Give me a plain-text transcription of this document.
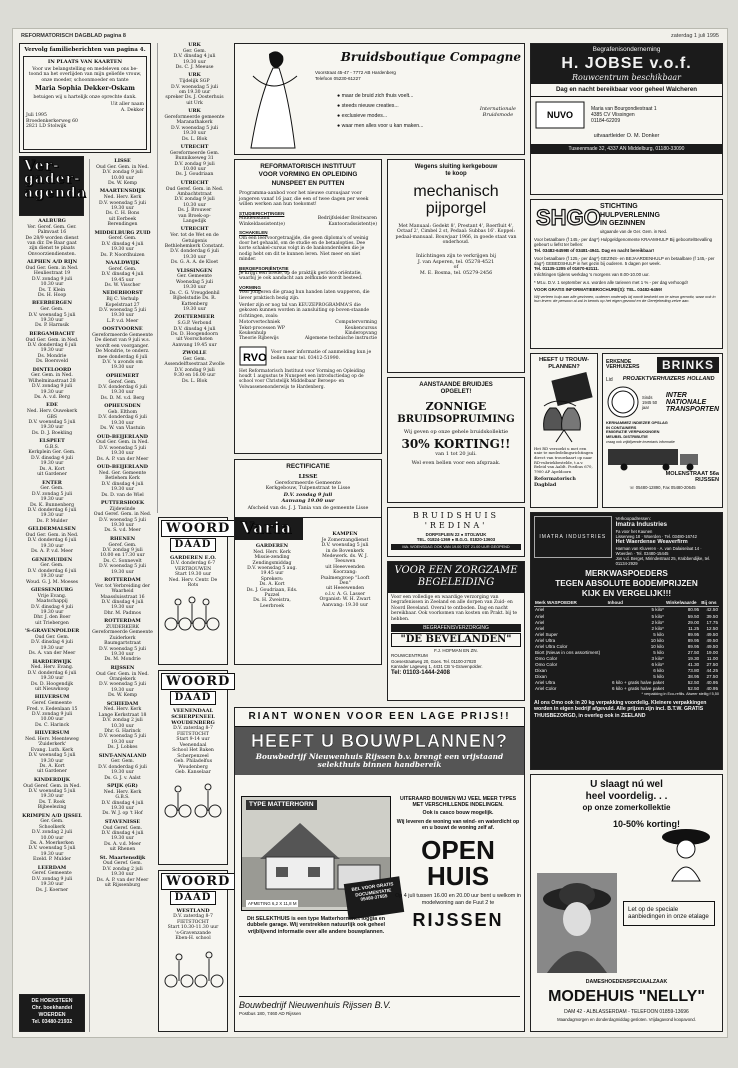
REFORMATORISCH DAGBLAD pagina 8	zaterdag 1 juli 1995
Vervolg familieberichten van pagina 4.
IN PLAATS VAN KAARTEN
Voor uw belangstelling en medeleven ons be-toond na het overlijden van mijn geliefde vrouw, onze moeder, schoonmoeder en tante
Maria Sophia Dekker-Oskam
betuigen wij u hartelijk onze oprechte dank.
Uit aller naam
A. Dekker
Juli 1995
Broedenkerkerweg 60
2821 LD Stolwijk
Ver-
gader-
agenda
AALBURG
Ver. Geref. Gem. Ger.
Palmvast 16
De 28/9 worden dienst
van dir. De Baar gaat
zijn dienst te plaats
Onvoorziendiensten.
ALPHEN A/D RIJN
Oud Ger. Gem. in Ned.
Heuliestraat 19
D.V. zondag 9 juli
10.30 uur
Ds. T. Klein
Ds. H. Hoop
BEERBERGEN
Ger. Gem.
D.V. woensdag 5 juli
19.30 uur
Ds. P. Harmsik
BERGAMBACHT
Oud Ger. Gem. in Ned.
D.V. donderdag 6 juli
19.30 uur
Ds. Mondrie
Ds. Boersveld
DINTELOORD
Ger. Gem. in Ned.
Wilhelminastraat 28
D.V. zondag 9 juli
19.30 uur
Ds. A. v.d. Berg
EDE
Ned. Herv. Ouwekerk
GBS
D.V. woensdag 5 juli
19.30 uur
Ds. D. J. Boekling
ELSPEET
G.B.S.
Kerkplein Ger. Gem.
D.V. dinsdag 4 juli
19.30 uur
Ds. A. Kort
uit Gardener
ENTER
Ger. Gem.
D.V. zondag 5 juli
19.30 uur
Ds. K. Bunnenberg
D.V. donderdag 6 juli
19.30 uur
Ds. P. Mulder
GELDERMALSEN
Oud Ger. Gem. in Ned.
D.V. donderdag 6 juli
19.30 uur
Ds. A. P. v.d. Meer
GENEMUIDEN
Ger. Gem.
D.V. donderdag 6 juli
19.30 uur
Woud. G. J. M. Moeses
GIESSENBURG
Vrije Evang.
Maatschappij
D.V. dinsdag 4 juli
19.30 uur
Dhr. J. den Boer
uit Triebergen
'S-GRAVENPOLDER
Oud Ger. Gem.
D.V. dinsdag 4 juli
19.30 uur
Ds. A. van der Meer
HARDERWIJK
Ned. Herv. Evang.
D.V. donderdag 6 juli
19.30 uur
Ds. D. Hoogendijk
uit Nieuwkoop
HILVERSUM
Geref. Gemeente
Fred. v. Eedenlaan 15
D.V. zondag 9 juli
10.00 uur
Ds. C. Harinck
HILVERSUM
Ned. Herv. Meenteweg
'Zuiderkerk'
Evang. Luth. Kerk
D.V. woensdag 5 juli
19.30 uur
Ds. A. Kort
uit Gardener
KINDERDIJK
Oud Geref. Gem. in Ned.
D.V. woensdag 5 juli
19.30 uur
Ds. T. Rook
Bijbeelezing
KRIMPEN A/D IJSSEL
Ger. Gem.
Schoolkerk
D.V. zondag 2 juli
10.00 uur
Ds. A. Moerkerken
D.V. woensdag 5 juli
19.30 uur
Ezeld. P. Mulder
LEERDAM
Geref. Gemeente
D.V. zondag 9 juli
19.30 uur
Ds. J. Koerner
DE HOEKSTEEN
Chr. boekhandel
WOERDEN
Tel. 03480-21932
LISSE
Oud Ger. Gem. in Ned.
D.V. zondag 9 juli
10.00 uur
Ds. W. Kemp
MAARTENSDIJK
Ned. Herv. Kerk
D.V. woensdag 5 juli
19.30 uur
Ds. C. H. Bons
uit Eerbeek
Berendingen
MIDDELBURG ZUID
Geref. Gem.
D.V. dinsdag 4 juli
19.30 uur
Ds. P. Noordhuizen
NAALDWIJK
Geref. Gem.
D.V. dinsdag 4 juli
19.45 uur
Ds. W. Visscher
NEDERHORST
Bij C. Verhulp
Kopelstraat 27
D.V. woensdag 5 juli
19.30 uur
L.P. v.d. Meer
OOSTVOORNE
Gereformeerde Gemeente
De dienst van 9 juli w.s.
wordt een voorganger.
De Mondrie, te onderz.
mee donderdag 6 juli
D.V. 's avonds om
19.30 uur
OPHEMERT
Geref. Gem.
D.V. donderdag 6 juli
19.30 uur
Ds. D. M. v.d. Berg
OPHEUSDEN
Geb. Elthom
D.V. donderdag 6 juli
19.30 uur
Ds. W. van Vlastuin
OUD-BEIJERLAND
Oud Ger. Gem. in Ned.
D.V. woensdag 5 juli
19.30 uur
Ds. A. P. van der Meer
OUD-BEIJERLAND
Ned. Ger. Gemeente
Betlehem Kerk
D.V. dinsdag 4 juli
19.30 uur
Ds. D. van de Wiel
PUTTERSHOEK
Zijdewinde
Oud Geref. Gem. in Ned.
D.V. woensdag 5 juli
19.30 uur
Ds. S. v.d. Meer
RHENEN
Geref. Gem.
D.V. zondag 9 juli
10.00 en 17.30 uur
Ds. C. Sonnevelt
D.V. woensdag 5 juli
19.30 uur
ROTTERDAM
Ver. tot Verbreiding der
Waarheid
Maassluisstraat 16
D.V. dinsdag 4 juli
19.30 uur
Dhr. M. Padmos
ROTTERDAM
ZUIDERKERK
Gereformeerde Gemeente
Zuiderkerk
Baumgartstraat
D.V. woensdag 5 juli
19.30 uur
Ds. M. Mondrie
RIJSSEN
Oud Ger. Gem. in Ned.
Oranjekerk
D.V. woensdag 5 juli
19.30 uur
Ds. W. Kemp
SCHIEDAM
Ned. Herv. Kerk
Lange Kerkstraat 18
D.V. zondag 2 juli
10.30 uur
Dhr. G. Harinck
D.V. woensdag 5 juli
19.30 uur
Ds. J. Lobkes
SINT-ANNALAND
Ger. Gem.
D.V. donderdag 6 juli
19.30 uur
Ds. G. J. v. Aalst
SPIJK (GR)
Ned. Herv. Kerk
G.B.S.
D.V. dinsdag 4 juli
19.30 uur
Ds. W. J. op 't Hof
STAVENISSE
Oud Geref. Gem.
D.V. dinsdag 4 juli
19.30 uur
Ds. A. v.d. Meer
uit Rhenen
St. Maartensdijk
Oud Geref. Gem.
D.V. zondag 2 juli
19.30 uur
Ds. A. P. van der Meer
uit Rijssenburg
URK
Ger. Gem.
D.V. dinsdag 4 juli
19.30 uur
Ds. C. J. Meeuse
URK
Tijdelijk SGP
D.V. woensdag 5 juli
om 19.30 uur
spreker Ds. J. Oosterhuis
uit Urk
URK
Gereformeerde gemeente
Maranathakerk
D.V. woensdag 5 juli
19.30 uur
Ds. L. Blok
UTRECHT
Gereformeerde Gem.
Bunnikseweg 31
D.V. zondag 9 juli
10.00 uur
Ds. J. Goudriaan
UTRECHT
Oud Geref. Gem. in Ned.
Ambachtstraat
D.V. zondag 9 juli
10.30 uur
Ds. J. Brouwer
van Broek-op-
Langedijk
UTRECHT
Ver. tot de Wet en de
Getuigenis
Bethlehemkerk Constant.
D.V. donderdag 6 juli
19.30 uur
Ds. G. A. A. de Kloet
VLISSINGEN
Ger. Gemeente
Woensdag 5 juli
19.30 uur
Ds. C. G. Vreugdenhil
Bijbelstudie Ds. R.
Kattenberg
19.30 uur
ZOETERMEER
S.G.P. Verbond
D.V. dinsdag 4 juli
Ds. D. Hoogendoorn
uit Voorschoten
Aanvang 19.45 uur
ZWOLLE
Ger. Gem.
Assendelftsestraat Zwolle
D.V. zondag 9 juli
9.30 en 16.00 uur
Ds. L. Blok
WOORD
DAAD
GARDEREN E.O.
D.V. donderdag 6-7
VERTROUWEN
Start 19.30 uur
Ned. Herv. Centr. De
Rots
WOORD
DAAD
VEENENDAAL
SCHERPENEEL
WOUDENBERG
D.V. zaterdag 8-7
FIETSTOCHT
Start 9-14 uur
Veenendaal
School Het Baken
Scherpenzeel
Geb. Philadelfus
Woudenberg
Geb. Kanselaar
WOORD
DAAD
WESTLAND
D.V. zaterdag 8-7
FIETSTOCHT
Start 10.30-11.30 uur
's-Gravenzande
Eben-H. school
Bruidsboutique Compagne
Voorstraat 45-47 - 7772 AB Hardenberg
Telefoon 05230-61227
● maar de bruid zich thuis voelt...
● steeds nieuwe creaties...
● exclusieve modes...
● waar men alles voor u kan maken...
Internationale
Bruidsmode
REFORMATORISCH INSTITUUT
VOOR VORMING EN OPLEIDING
NUNSPEET EN PUTTEN
Programma-aanbod voor het nieuwe cursusjaar voor jongeren vanaf 16 jaar, die een of twee dagen per week willen werken aan hun toekomst!
STUDIERICHTINGEN
Middenstand	Bedrijfsleider Breitwaren
Winkeldassistent(e)	Kantooradssistent(e)
SCHAKELEN
Om een leervoorgetraajjde, die geen diploma's of weinig door het gehaald, om de studie en de betaalopties. Dee korte schakel-cursus volgt in de bankonderdelen die je nodig hebt om dit te kunnen leren. Niet meer en niet minder.
BEROEPSORIËNTATIE
Je krijgt een brede, op de praktijk gerichte oriëntatie, waarbij je ook aandacht aan zelfkunde wordt besteed.
VORMING
Voor jongeren die graag hun handen laten wapperen, die liever praktisch bezig zijn.
Verder zijn er nog tal van KEUZEPROGRAMMA'S die gekozen kunnen worden in aansluiting op boven-staande richtingen, zoals:
Motorvertechniek	Computervorming
Tekst-processen WP	Keukencursus
Keukenhulp	Kinderopvang
Theorie Rijbewijs	Algemene technische instructie
RVO Voor meer informatie of aanmelding kun je bellen naar tel. 03412-51990.
Het Reformatorisch Instituut voor Vorming en Opleiding houdt 1 augustus te Nunspeet een introductiedag op de school voor Christelijk Middelbaar Beroeps- en Volwassenenonderwijs te Hardenberg.
RECTIFICATIE
LISSE
Gereformeerde Gemeente
Kerkgebouw, Tulpenstraat te Lisse
D.V. zondag 9 juli
Aanvang 19.00 uur
Afscheid van ds. J. J. Tania van de gemeente Lisse
Varia
GARDEREN
Ned. Herv. Kerk
Missie-zending
Zendingsmiddag
D.V. woensdag 5 aug.
19.45 uur
Sprekers:
Ds. A. Kort
Ds. J. Goudriaan, Eds.
Puzzel
Ds. H. Zweistra,
Leerbroek
KAMPEN
Je Zomerzangdienst
D.V. woensdag 5 juli
in de Bovenkerk
Medewerk. ds. W. J.
Teeuwen
uit Heeeveenden
Koorzang:
Psalmengroep "Looft
Den"
uit Heeewenden
o.l.v. A. G. Lasser
Organist: W. H. Zwart
Aanvang: 19.30 uur
Wegens sluiting kerkgebouw
te koop
mechanisch
pijporgel
Met Manuaal: Gedekt 8', Prestant 4', Roerfluit 4', Octaaf 2', Cimbel 2 st, Pedaal: Subbas 16'. Koppel: pedaal-manuaal. Bouwjaar 1966, in goede staat van onderhoud.
Inlichtingen zijn te verkrijgen bij
J. van Asperen, tel. 05278-4521
of
M. E. Bosma, tel. 05279-2456
AANSTAANDE BRUIDJES
OPGELET!
ZONNIGE
BRUIDSOPRUIMING
Wij geven op onze gehele bruidskollektie
30% KORTING!!
van 1 tot 20 juli.
Wel even bellen voor een afspraak.
BRUIDSHUIS
'REDINA'
DORPSPLEIN 22 ● STOLWIJK
TEL. 01824-1369 ● B.G.G. 01820-13603
MA. WOENSDAG OOK VAN 19.00 TOT 21.00 UUR GEOPEND
VOOR EEN ZORGZAME
BEGELEIDING
Voor een volledige en waardige verzorging van begrafenissen in Zeeland en alle dorpen van Zuid- en Noord Beveland. Overal te ontboden. Dag en nacht bereikbaar. Ook voorkomen van kosten om Prakt. bij te hebben.
BEGRAFENISVERZORGING
"DE BEVELANDEN"
F.J. HOFMAN EN ZN.
ROUWCENTRUM
Goesestraatweg 20, Goes. Tel. 01100-27820
Kanrader Lageweg 1, 4431 CB 's-Gravenpolder.
Tel: 01103-1444-2408
Begrafenisonderneming
H. JOBSE v.o.f.
Rouwcentrum beschikbaar
Dag en nacht bereikbaar voor geheel Walcheren
NUVO
Maria van Bourgondiestraat 1
4385 CV Vlissingen
01184-62209
uitvaartleider O. M. Donker
Tuseenmade 32, 4337 AN Middelburg, 01180-33090
SHGO STICHTING
HULPVERLENING
IN GEZINNEN
uitgaande van de Ger. Gem. in Ned.
Voor betaalbare (f 145,- per dag*) Hulpgeldgenomente KRAAMHULP Bij geboorte/Bevalling gebeurt u liefst ter bellen:
Tel. 03482-6459B of 03481-4941. Dag en nacht bereikbaar!
Voor betaalbare (f 125,- per dag*) GEZINS- en BEJAARDENHULP en betaalbare (f 145,- per dag*) GEBEDSHULP in het gezin bij ouderen. 5 dagen per week.
Tel. 01135-1205 of 01670-62111.
Inlichtingen tijdens werkdag 's morgens van 8.00-10.00 uur.
* Mt.u. D.V. 1 september w.s. worden alle tarieven met 1 % - per dag verhoogd!
VOOR GRATIS INFORMATIEBROCHURE(S): TEL. 03482-6459!
Wij verleen hulp aan alle gezinnen, ouderen onderwijs bij wordt bedoeld om te steun gemotiv, waar ook in hun leven: de persoon al zal in kennis op het eigen gezond en de Gerejeheding zelve aan.
HEEFT U TROUW-
PLANNEN?
Het RD verzoekt u met een unie te mededelingsrichtingen direct van trouwkaart op naar RD-rubriekbestelde, t.a.v. Beleid van Aaldt. Postbus 670, 7900 AP Apeldoorn
Reformatorisch Dagblad
ERKENDE VERHUIZERS	BRINKS
Lid PROJEKTVERHUIZERS HOLLAND
Sinds 1945 50 jaar
INTER
NATIONALE
TRANSPORTEN
KERNAMMEZ INDIEZEE OPSLAG
IN CONTAINERS
EMIGRATIE VERPAKKINGEN
MEUBEL DISTRIBUTIE
vraag ook vrijblijvende inventaris informatie
MOLENSTRAAT 56a
RIJSSEN
☏ 05480-12890, Fax 05480-20645
IMATRA INDUSTRIES
Verkoopadressen:
Imatra Industries
Fa voor het Kaunen
Lisserweg 18 · Woerden · Tel. 03480-16742
Het Waerdense Weaverfirm
Harman van Kluveren · A. van Dalaiselaat 14 · Woerden · Tel. 03480-15445
Jos v.d. Berget, Mirindestraat 25, Krabbendijke, tel. 01134-2929
MERKWASPOEDERS
TEGEN ABSOLUTE BODEMPRIJZEN
KIJK EN VERGELIJK!!!
Merk WASPOEDER	Inhoud	Winkelwaarde	Bij ons
Ariel	5 kilo*	80.95	42.50
Ariel	5 kilo*	59.50	39.50
Ariel	2 kilo*	29.00	17.75
Ariel	2 kilo*	11.25	12.50
Ariel Super	5 kilo	89.95	49.50
Ariel Ultra	10 kilo	89.95	49.50
Ariel Ultra Color	10 kilo	89.95	49.50
Biort (Nieuw in ons assortiment)	5 kilo	27.50	19.00
Omo Color	3 kilo*	19.30	11.00
Omo Color	6 kilo*	41.30	27.50
Dixan	6 kilo	73.80	44.25
Dixan	5 kilo	38.95	27.50
Ariel Ultra	6 kilo + gratis halve paket	52.50	40.95
Ariel Color	6 kilo + gratis halve paket	52.50	40.95
* verpakking in Eco-refills. Alweer stellig f 5,50
Al ons Omo ook in 20 kg verpakking voordelig. Kleinere verpakkingen worden in eigen bedrijf afgevuld. Alle prijzen zijn incl. B.T.W. GRATIS THUISBEZORGD, in overleg ook in ZEELAND
U slaagt nú wel
heel voordelig. . .
op onze zomerkollektie
10-50% korting!
Let op de speciale aanbiedingen in onze etalage
DAMESHOEDENSPECIAALZAAK
MODEHUIS "NELLY"
DAM 42 - ALBLASSERDAM - TELEFOON 01859-13696
Maandagmorgen en donderdagmiddag gesloten. Vrijdagavond koopavond.
RIANT WONEN VOOR EEN LAGE PRIJS!!
HEEFT U BOUWPLANNEN?
Bouwbedrijf Nieuwenhuis Rijssen b.v. brengt een vrijstaand selekthuis binnen handbereik
TYPE MATTERHORN
AFMETING 6,2 X 11,8 M
BEL VOOR GRATIS
DOCUMENTATIE
05480-37555
UITERAARD BOUWEN WIJ VEEL MEER TYPES MET VERSCHILLENDE INDELINGEN.
Ook is casco bouw mogelijk.
Wij leveren de woning van wind- en waterdicht op en u bouwt de woning zelf af.
OPEN
HUIS
Op 4 juli tussen 16.00 en 20.00 uur bent u welkom in modelwoning aan de Fuut 2 te
RIJSSEN
Dit SELEKTHUIS is een type Matterhorn met loggia en dubbele garage. Wij verstrekken natuurlijk ook geheel vrijblijvend informatie over alle andere bouwplannen.
Bouwbedrijf Nieuwenhuis Rijssen B.V.
Postbus 180, 7460 AD Rijssen
